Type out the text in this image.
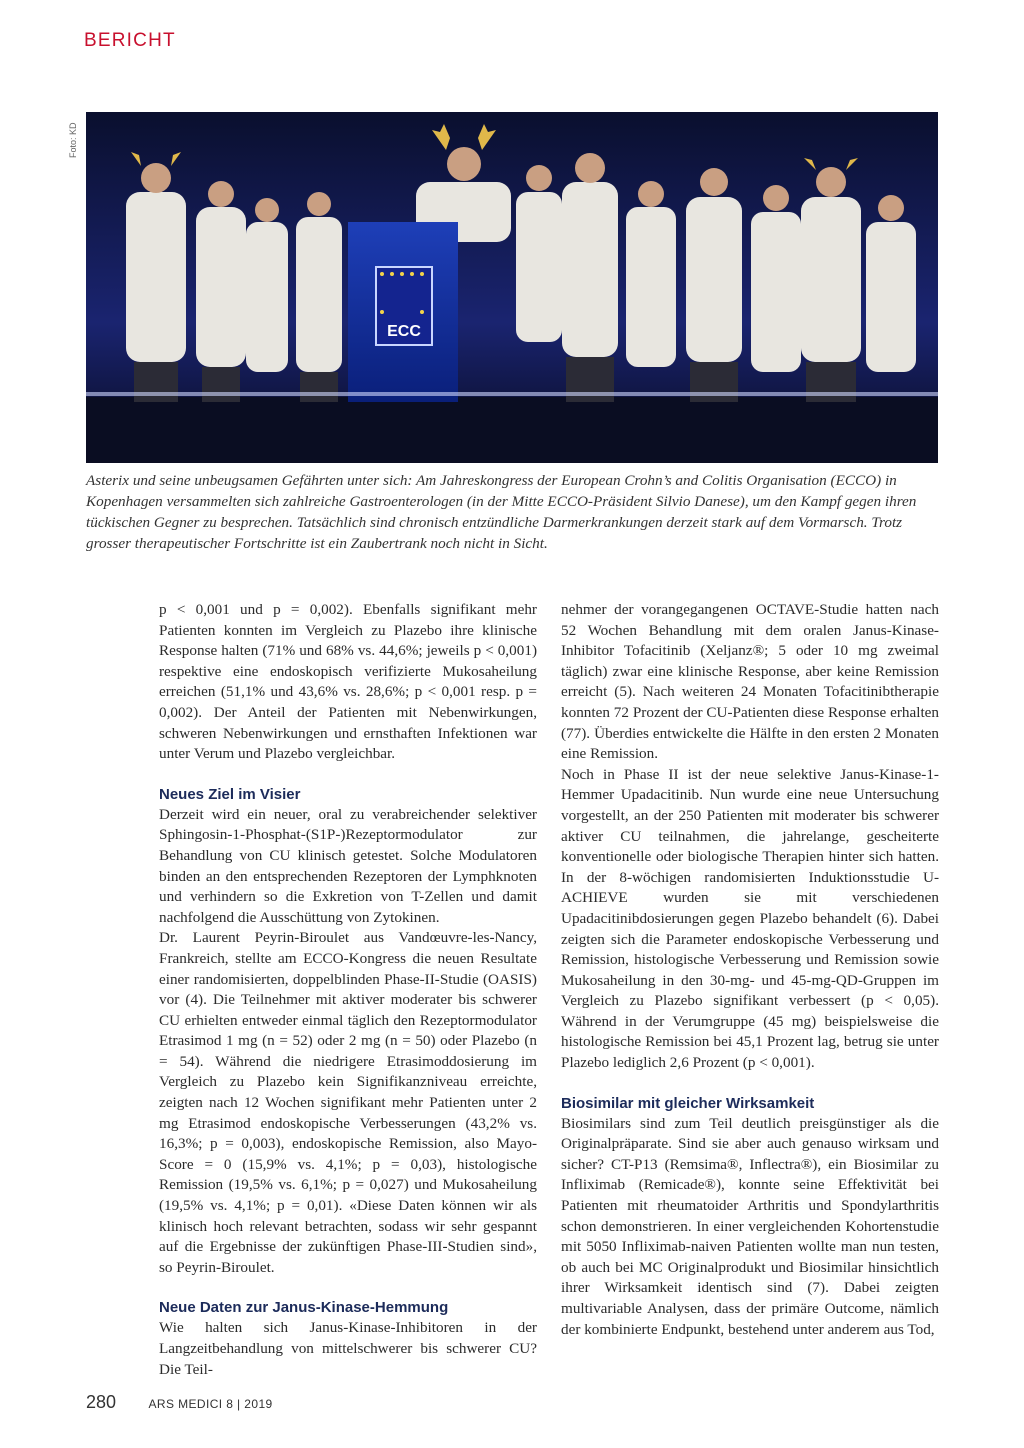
BERICHT
Foto: KD
ECC
Asterix und seine unbeugsamen Gefährten unter sich: Am Jahreskongress der European Crohn’s and Colitis Organisation (ECCO) in Kopenhagen versammelten sich zahlreiche Gastroenterologen (in der Mitte ECCO-Präsident Silvio Danese), um den Kampf gegen ihren tückischen Gegner zu besprechen. Tatsächlich sind chronisch entzündliche Darmerkrankungen derzeit stark auf dem Vormarsch. Trotz grosser therapeutischer Fortschritte ist ein Zaubertrank noch nicht in Sicht.

p < 0,001 und p = 0,002). Ebenfalls signifikant mehr Patienten konnten im Vergleich zu Plazebo ihre klinische Response halten (71% und 68% vs. 44,6%; jeweils p < 0,001) respektive eine endoskopisch verifizierte Mukosaheilung erreichen (51,1% und 43,6% vs. 28,6%; p < 0,001 resp. p = 0,002). Der Anteil der Patienten mit Nebenwirkungen, schweren Nebenwirkungen und ernsthaften Infektionen war unter Verum und Plazebo vergleichbar.

Neues Ziel im Visier

Derzeit wird ein neuer, oral zu verabreichender selektiver Sphingosin-1-Phosphat-(S1P-)Rezeptormodulator zur Behandlung von CU klinisch getestet. Solche Modulatoren binden an den entsprechenden Rezeptoren der Lymphknoten und verhindern so die Exkretion von T-Zellen und damit nachfolgend die Ausschüttung von Zytokinen.

Dr. Laurent Peyrin-Biroulet aus Vandœuvre-les-Nancy, Frankreich, stellte am ECCO-Kongress die neuen Resultate einer randomisierten, doppelblinden Phase-II-Studie (OASIS) vor (4). Die Teilnehmer mit aktiver moderater bis schwerer CU erhielten entweder einmal täglich den Rezeptormodulator Etrasimod 1 mg (n = 52) oder 2 mg (n = 50) oder Plazebo (n = 54). Während die niedrigere Etrasimoddosierung im Vergleich zu Plazebo kein Signifikanzniveau erreichte, zeigten nach 12 Wochen signifikant mehr Patienten unter 2 mg Etrasimod endoskopische Verbesserungen (43,2% vs. 16,3%; p = 0,003), endoskopische Remission, also Mayo-Score = 0 (15,9% vs. 4,1%; p = 0,03), histologische Remission (19,5% vs. 6,1%; p = 0,027) und Mukosaheilung (19,5% vs. 4,1%; p = 0,01). «Diese Daten können wir als klinisch hoch relevant betrachten, sodass wir sehr gespannt auf die Ergebnisse der zukünftigen Phase-III-Studien sind», so Peyrin-Biroulet.

Neue Daten zur Janus-Kinase-Hemmung

Wie halten sich Janus-Kinase-Inhibitoren in der Langzeitbehandlung von mittelschwerer bis schwerer CU? Die Teil-

nehmer der vorangegangenen OCTAVE-Studie hatten nach 52 Wochen Behandlung mit dem oralen Janus-Kinase-Inhibitor Tofacitinib (Xeljanz®; 5 oder 10 mg zweimal täglich) zwar eine klinische Response, aber keine Remission erreicht (5). Nach weiteren 24 Monaten Tofacitinibtherapie konnten 72 Prozent der CU-Patienten diese Response erhalten (77). Überdies entwickelte die Hälfte in den ersten 2 Monaten eine Remission.

Noch in Phase II ist der neue selektive Janus-Kinase-1-Hemmer Upadacitinib. Nun wurde eine neue Untersuchung vorgestellt, an der 250 Patienten mit moderater bis schwerer aktiver CU teilnahmen, die jahrelange, gescheiterte konventionelle oder biologische Therapien hinter sich hatten. In der 8-wöchigen randomisierten Induktionsstudie U-ACHIEVE wurden sie mit verschiedenen Upadacitinibdosierungen gegen Plazebo behandelt (6). Dabei zeigten sich die Parameter endoskopische Verbesserung und Remission, histologische Verbesserung und Remission sowie Mukosaheilung in den 30-mg- und 45-mg-QD-Gruppen im Vergleich zu Plazebo signifikant verbessert (p < 0,05). Während in der Verumgruppe (45 mg) beispielsweise die histologische Remission bei 45,1 Prozent lag, betrug sie unter Plazebo lediglich 2,6 Prozent (p < 0,001).

Biosimilar mit gleicher Wirksamkeit

Biosimilars sind zum Teil deutlich preisgünstiger als die Originalpräparate. Sind sie aber auch genauso wirksam und sicher? CT-P13 (Remsima®, Inflectra®), ein Biosimilar zu Infliximab (Remicade®), konnte seine Effektivität bei Patienten mit rheumatoider Arthritis und Spondylarthritis schon demonstrieren. In einer vergleichenden Kohortenstudie mit 5050 Infliximab-naiven Patienten wollte man nun testen, ob auch bei MC Originalprodukt und Biosimilar hinsichtlich ihrer Wirksamkeit identisch sind (7). Dabei zeigten multivariable Analysen, dass der primäre Outcome, nämlich der kombinierte Endpunkt, bestehend unter anderem aus Tod,

280	ARS MEDICI 8 | 2019
